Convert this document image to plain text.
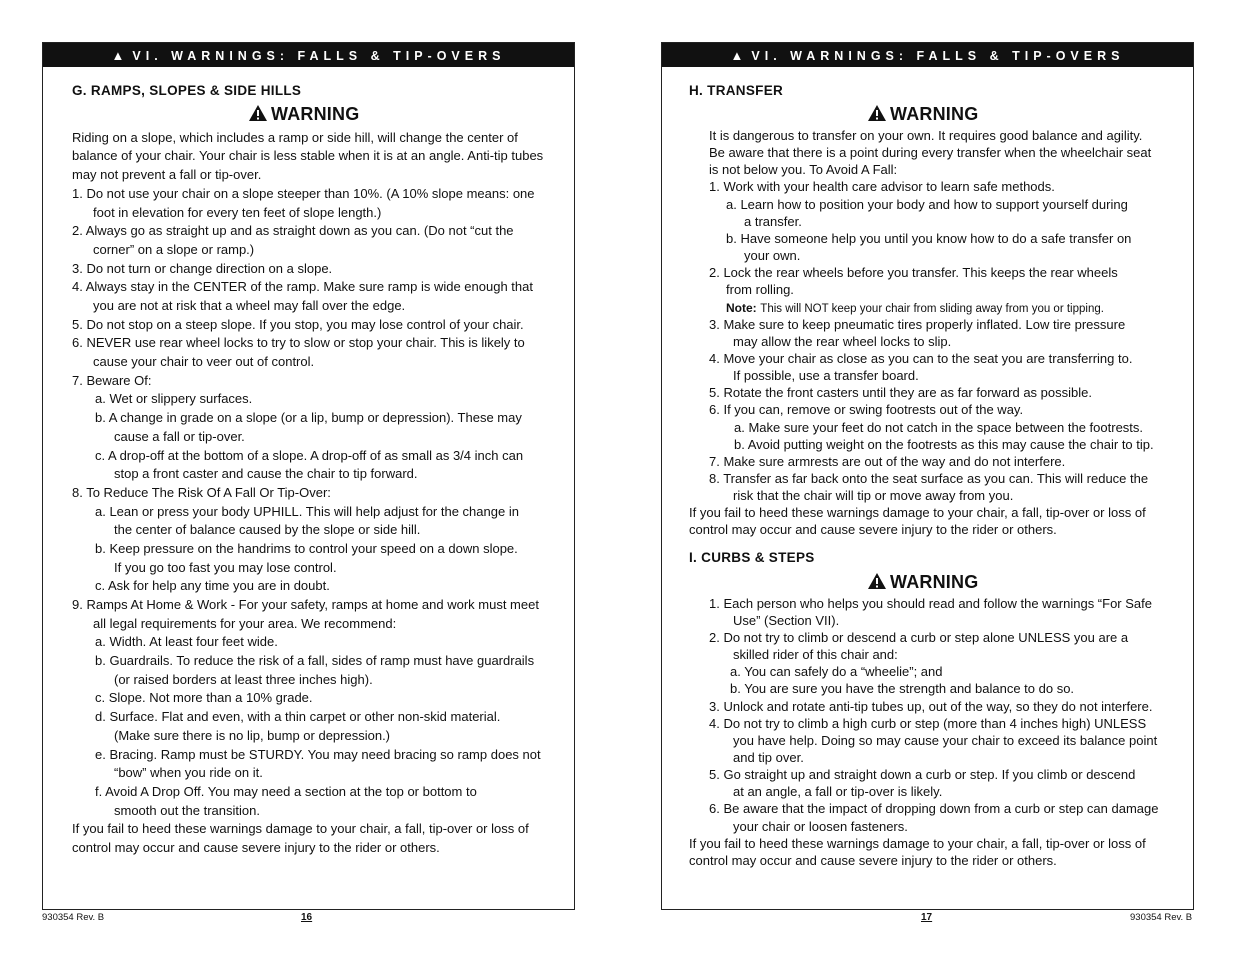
▲ VI. WARNINGS: FALLS & TIP-OVERS
G. RAMPS, SLOPES & SIDE HILLS
WARNING
Riding on a slope, which includes a ramp or side hill, will change the center of
balance of your chair. Your chair is less stable when it is at an angle. Anti-tip tubes
may not prevent a fall or tip-over.
1. Do not use your chair on a slope steeper than 10%. (A 10% slope means: one
foot in elevation for every ten feet of slope length.)
2. Always go as straight up and as straight down as you can. (Do not “cut the
corner” on a slope or ramp.)
3. Do not turn or change direction on a slope.
4. Always stay in the CENTER of the ramp. Make sure ramp is wide enough that
you are not at risk that a wheel may fall over the edge.
5. Do not stop on a steep slope. If you stop, you may lose control of your chair.
6. NEVER use rear wheel locks to try to slow or stop your chair. This is likely to
cause your chair to veer out of control.
7. Beware Of:
a. Wet or slippery surfaces.
b. A change in grade on a slope (or a lip, bump or depression). These may
cause a fall or tip-over.
c. A drop-off at the bottom of a slope. A drop-off of as small as 3/4 inch can
stop a front caster and cause the chair to tip forward.
8. To Reduce The Risk Of A Fall Or Tip-Over:
a. Lean or press your body UPHILL. This will help adjust for the change in
the center of balance caused by the slope or side hill.
b. Keep pressure on the handrims to control your speed on a down slope.
If you go too fast you may lose control.
c. Ask for help any time you are in doubt.
9. Ramps At Home & Work - For your safety, ramps at home and work must meet
all legal requirements for your area. We recommend:
a. Width. At least four feet wide.
b. Guardrails. To reduce the risk of a fall, sides of ramp must have guardrails
(or raised borders at least three inches high).
c. Slope. Not more than a 10% grade.
d. Surface. Flat and even, with a thin carpet or other non-skid material.
(Make sure there is no lip, bump or depression.)
e. Bracing. Ramp must be STURDY. You may need bracing so ramp does not
“bow” when you ride on it.
f. Avoid A Drop Off. You may need a section at the top or bottom to
smooth out the transition.
If you fail to heed these warnings damage to your chair, a fall, tip-over or loss of
control may occur and cause severe injury to the rider or others.
930354 Rev. B	16
▲ VI. WARNINGS: FALLS & TIP-OVERS
H. TRANSFER
WARNING
It is dangerous to transfer on your own. It requires good balance and agility.
Be aware that there is a point during every transfer when the wheelchair seat
is not below you. To Avoid A Fall:
1. Work with your health care advisor to learn safe methods.
a. Learn how to position your body and how to support yourself during
a transfer.
b. Have someone help you until you know how to do a safe transfer on
your own.
2. Lock the rear wheels before you transfer. This keeps the rear wheels
from rolling.
Note: This will NOT keep your chair from sliding away from you or tipping.
3. Make sure to keep pneumatic tires properly inflated. Low tire pressure
may allow the rear wheel locks to slip.
4. Move your chair as close as you can to the seat you are transferring to.
If possible, use a transfer board.
5. Rotate the front casters until they are as far forward as possible.
6. If you can, remove or swing footrests out of the way.
a. Make sure your feet do not catch in the space between the footrests.
b. Avoid putting weight on the footrests as this may cause the chair to tip.
7. Make sure armrests are out of the way and do not interfere.
8. Transfer as far back onto the seat surface as you can. This will reduce the
risk that the chair will tip or move away from you.
If you fail to heed these warnings damage to your chair, a fall, tip-over or loss of
control may occur and cause severe injury to the rider or others.
I. CURBS & STEPS
WARNING
1. Each person who helps you should read and follow the warnings “For Safe
Use” (Section VII).
2. Do not try to climb or descend a curb or step alone UNLESS you are a
skilled rider of this chair and:
a. You can safely do a “wheelie”; and
b. You are sure you have the strength and balance to do so.
3. Unlock and rotate anti-tip tubes up, out of the way, so they do not interfere.
4. Do not try to climb a high curb or step (more than 4 inches high) UNLESS
you have help. Doing so may cause your chair to exceed its balance point
and tip over.
5. Go straight up and straight down a curb or step. If you climb or descend
at an angle, a fall or tip-over is likely.
6. Be aware that the impact of dropping down from a curb or step can damage
your chair or loosen fasteners.
If you fail to heed these warnings damage to your chair, a fall, tip-over or loss of
control may occur and cause severe injury to the rider or others.
17	930354 Rev. B
